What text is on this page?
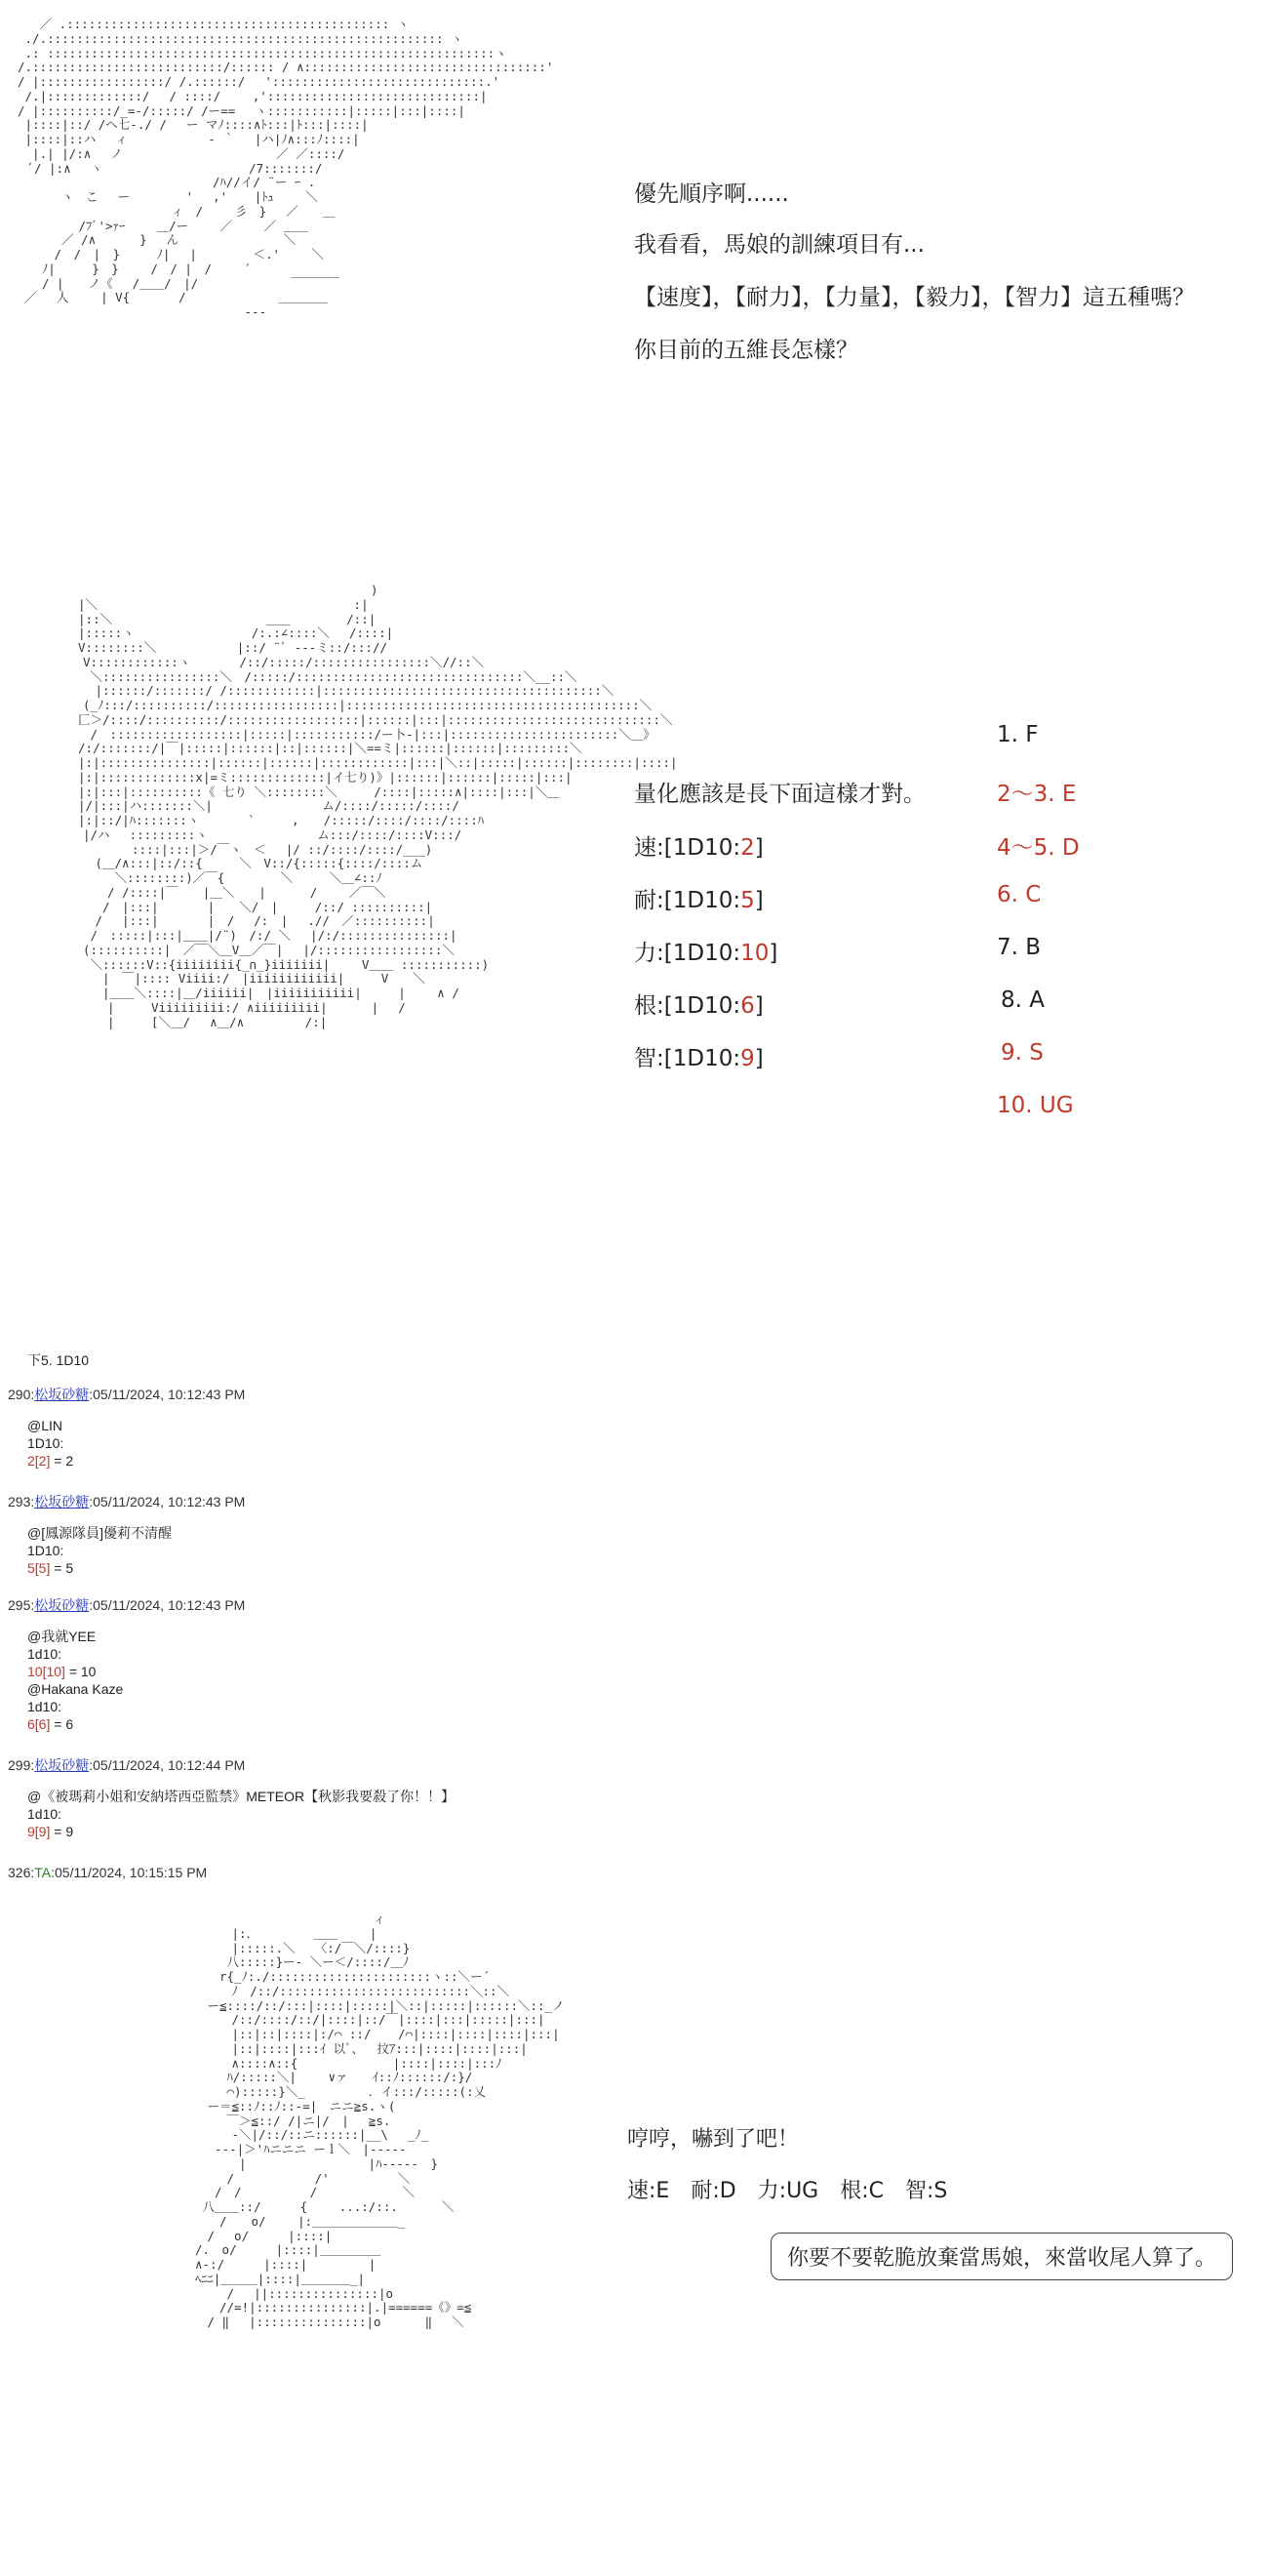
／ .:::::::::::::::::::::::::::::::::::::::::::: ヽ
./.:::::::::::::::::::::::::::::::::::::::::::::::::::::: ヽ
.: :::::::::::::::::::::::::::::::::::::::::::::::::::::::::::::ヽ
/.::::::::::::::::::::::::::/:::::: / ∧:::::::::::::::::::::::::::::::::'
/ |:::::::::::::::::/ /.::::::/　 ':::::::::::::::::::::::::::::.'
/.|:::::::::::::/　 / ::::/　　 ,':::::::::::::::::::::::::::::|
/ |::::::::::/_=-/:::::/ /ー==　 ヽ:::::::::::|:::::|:::|::::|
|::::|::/ /ヘ七‐./ /　 ー マﾉ::::∧ﾄ:::|ﾄ:::|::::|
|::::|::ハ　 ィ　　　　　　 ‐ ｀　 |ハ|ﾉ∧:::ﾉ::::|
|.| |/:∧　 ノ　　　　　　　　　　　　 ／ ／::::/
ﾞ/ |:∧　 ヽ　　　　　　　　　　　　/7:::::::/
　　　　　　　　　　　　　　　　/ﾊ//イ/ ¨ー ｰ .
　　　 ヽ　こ　 ー　　　　 '　 ,' 　 |ﾄｭ　　 ＼
　　　　　　　　　　　　 ィ　/　　 彡　}　 ／　　＿
　　　　　/ﾌﾞ'>ｧｰ　　 ＿/ー　　 ／　　 ／ ＿＿
　　　 ／ /∧　　　 }　 ん　　　　　　　　 ＼
　　　/　/　|　}　　　ﾉ|　 |　　　　 ＜.'　　 ＼
　　ﾉ|　　　}　}　　 /　/ |　/　　 ´
　　/ |　　ノ《　 /＿＿/　|/　　　　　　　 ￣￣￣￣
／　 人　　 | V{　　　　/　　　　　　　 ＿＿＿＿
　　　　　　　　　　　　　　　　　　 ---
優先順序啊......
我看看，馬娘的訓練項目有...
【速度】，【耐力】，【力量】，【毅力】，【智力】這五種嗎？
你目前的五維長怎樣？
　　　　　　　　　　　　　　　　　　　　　　　　　 )
　 |＼　　　　　　　　　　　　　　　　　　　　　:|
　 |::＼　　　　　　　　　　　　 ＿＿　　　　 /::|
　 |:::::ヽ　　　　　　　　　 /:.:∠::::＼　 /::::|
　 V::::::::＼　　　　　　 |::/ ¨ﾞ ---ミ::/::://
　　V::::::::::::ヽ　　　　/::/:::::/::::::::::::::::＼//::＼
　　 ＼::::::::::::::::＼　/:::::/:::::::::::::::::::::::::::::::＼__::＼
　　　|::::::/:::::::/ /::::::::::::|::::::::::::::::::::::::::::::::::::::＼
　　(_ﾉ:::/::::::::::/:::::::::::::::::|::::::::::::::::::::::::::::::::::::::::＼
　 匚＞/::::/::::::::::/::::::::::::::::::|::::::|:::|:::::::::::::::::::::::::::::＼
　　 /　::::::::::::::::::|:::::|:::::::::::/ー卜‐|:::|:::::::::::::::::::::::＼＿》
　 /:/:::::::/|￣|:::::|::::::|::|::::::|＼==ミ|::::::|::::::|:::::::::＼
　 |:|:::::::::::::::|::::::|::::::|::::::::::::|:::|＼::|:::::|::::::|::::::::|::::|
　 |:|:::::::::::::x|=ミ:::::::::::::|イ七り)》|::::::|::::::|:::::|:::|
　 |:|:::|::::::::::《 七り ＼::::::::＼　　　/::::|:::::∧|::::|:::|＼＿
　 |/|:::|ハ:::::::＼|　　　　　　　　　ム/::::/:::::/::::/
　 |:|::/|ﾊ:::::::ヽ　　　　`　　　,　　/:::::/::::/::::/::::ﾊ
　　|/ハ　 :::::::::ヽ　　　　　　　　　ム:::/::::/::::V:::/
　　　　　　::::|:::|＞/￣ヽ　＜　 |/ ::/::::/::::/___)
　　　(＿/∧:::|::/::{　　　＼　V::/{:::::{::::/::::ム
　　　　 ＼::::::::)／￣{　　　　 ＼　　　＼＿∠::ﾉ
　　　　/ /::::|￣　　|＿＼　　|　　　 /　　 ／￣＼
　　　 /　|:::|　　　　|　　＼/　|　　　/::/ ::::::::::|
　　　/　 |:::|　　　　|　/　 /:　|　 .//　／::::::::::|
　　 /　:::::|:::|＿＿|/¨)　/:/ ＼　 |/:/:::::::::::::::|
　　(::::::::::|　／￣＼＿V＿／￣|　 |/:::::::::::::::::＼
　　 ＼::::::V::{iiiiiiii{_∩_}iiiiiii|　　 V＿＿ :::::::::::)
　　　 |　￣|:::: Viiii:/　|iiiiiiiiiiii|　　　V　　＼
　　　 |＿＿＼::::|＿/iiiiii|　|iiiiiiiiiii|　　　|　　 ∧ /
　　　　|　　　Viiiiiiiii:/ ∧iiiiiiiii|　　　 |　 /
　　　　|　　　[＼＿/　 ∧＿/∧　　　　　/:|
量化應該是長下面這樣才對。
速:[1D10:2]
耐:[1D10:5]
力:[1D10:10]
根:[1D10:6]
智:[1D10:9]
1. F
2～3. E
4～5. D
6. C
7. B
8. A
9. S
10. UG
下5. 1D10
290:松坂砂糖:05/11/2024, 10:12:43 PM
@LIN
1D10:
2[2] = 2
293:松坂砂糖:05/11/2024, 10:12:43 PM
@[鳳源隊員]優莉不清醒
1D10:
5[5] = 5
295:松坂砂糖:05/11/2024, 10:12:43 PM
@我就YEE
1d10:
10[10] = 10
@Hakana Kaze
1d10:
6[6] = 6
299:松坂砂糖:05/11/2024, 10:12:44 PM
@《被瑪莉小姐和安納塔西亞監禁》METEOR【秋影我要殺了你！！】
1d10:
9[9] = 9
326:TA:05/11/2024, 10:15:15 PM
　　　　　　　　　　　　　　　　　　 ィ
　　　　　　　|:．　　　　　＿＿　　 |
　　　　　　　|:::::.＼　 〈:/￣＼/::::}
　　　　　　 八:::::}ー‐ ＼ー＜/::::/＿ﾉ
　　　　　　r{_ﾉ:./::::::::::::::::::::::ヽ::＼ー´
　　　　　　　ﾉ　/::/::::::::::::::::::::::::::＼::＼
　　　　　ー≦::::/::/:::|::::|:::::|＼::|:::::|::::::＼::_ノ
　　　　　　　/::/::::/::/|::::|::/￣|::::|:::|:::::|:::|
　　　　　　　|::|::|::::|:/⌒ ::/ 　 /⌒|::::|::::|::::|:::|
　　　　　　　|::|::::|:::ｲ 以ﾞ、　 抆ｱ:::|::::|::::|:::|
　　　　　　　∧::::∧::{ 　　　　　 　 |::::|::::|:::ﾉ
　　　　　　 ﾊ/:::::＼|　　 ∨ァ　　ｲ::ﾉ::::::/:}/
　　　　　　 ⌒):::::}＼_ 　　　　 ．イ:::/:::::(:乂
　　　　　ー＝≦::ﾉ::ﾉ::-=|　ニニ≧s.ヽ(
　　　　　　 ￣＞≦::/ /|ニ|/　|　 ≧s.
　　　　　　　-＼|/::/::ニ::::::|__\　 _ﾉ_
　　　　　 ---|＞'ﾊニニニ ーｌ＼　|-----
　　　　　　　 |　　　　　　　　　　|ﾊ-----　}
　　　　　　 /　　　　　　 /'　　　　　 ＼
　　　　　 /　/　　　　　 /　　　　　　　＼
　　　　 八＿＿::/　 　 {　　 ...:/::.　　　 ＼
　　　　　　/　　o/　　 |:＿＿＿＿＿＿＿_
　　　　　/ 　o/ 　　 |::::|
　　　　/.　o/ 　　 |::::|＿＿＿＿＿
　　　　∧-:/ 　　 |::::|　　　　　|
　　　　ﾍﾆﾆ|＿＿＿|::::|＿＿＿＿_|
　　　　　　 /　 ||:::::::::::::::|o
　　　　　　//=!|:::::::::::::::|.|======《》=≦
　　　　　/ ‖　 |:::::::::::::::|o　　　 ‖　 ＼
哼哼，嚇到了吧！
速:E　耐:D　力:UG　根:C　智:S
你要不要乾脆放棄當馬娘，來當收尾人算了。
